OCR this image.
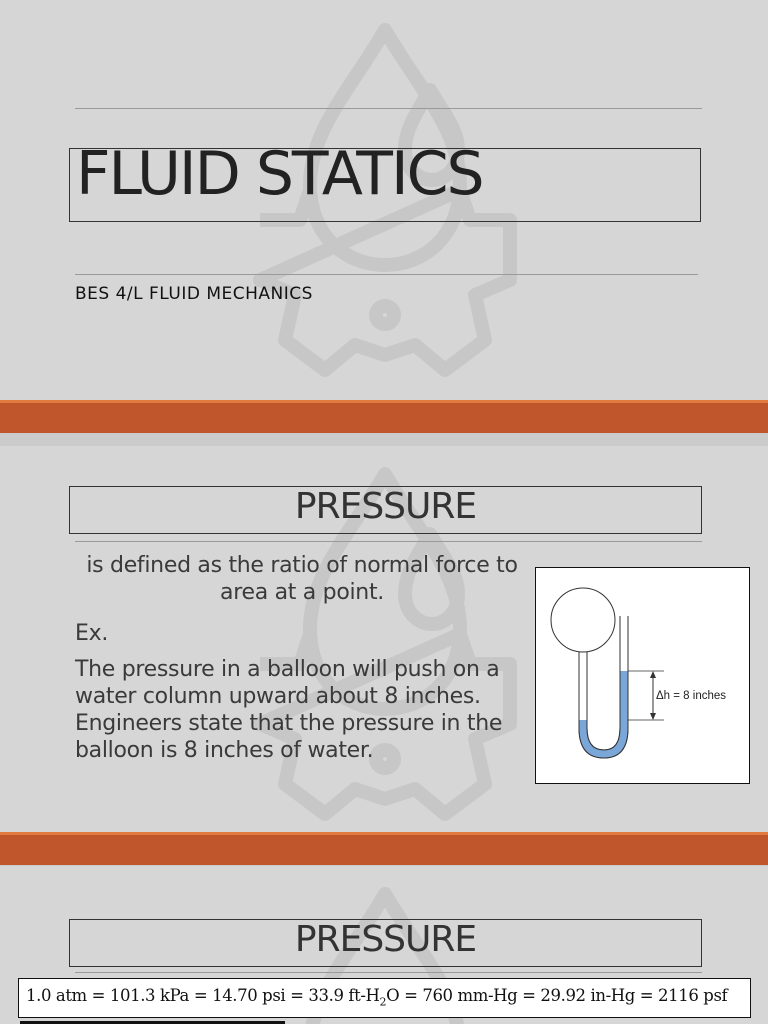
FLUID STATICS
BES 4/L FLUID MECHANICS
PRESSURE
is defined as the ratio of normal force to area at a point.
Ex.
The pressure in a balloon will push on a water column upward about 8 inches. Engineers state that the pressure in the balloon is 8 inches of water.
Δh = 8 inches
PRESSURE
1.0 atm = 101.3 kPa = 14.70 psi = 33.9 $ft-H_2O = 760$ mm-Hg = 29.92 in-Hg = 2116 psf
